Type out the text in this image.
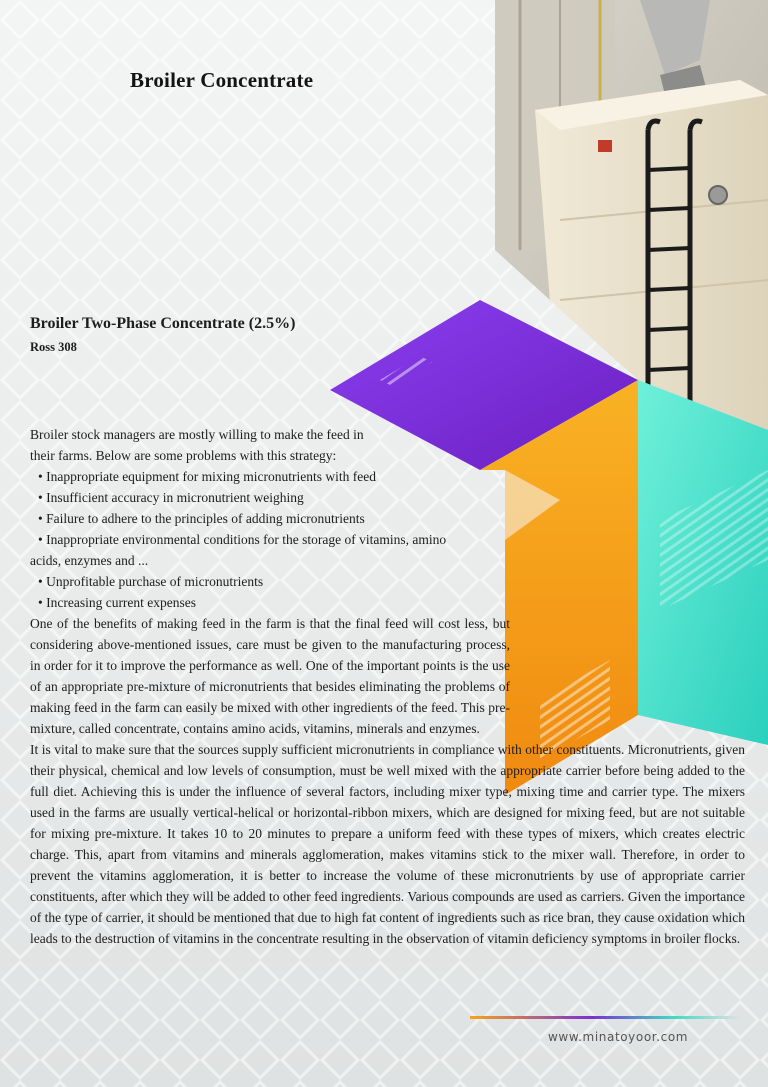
Broiler Concentrate
Broiler Two-Phase Concentrate (2.5%)
Ross 308

Broiler stock managers are mostly willing to make the feed in

their farms. Below are some problems with this strategy:

• Inappropriate equipment for mixing micronutrients with feed

• Insufficient accuracy in micronutrient weighing

• Failure to adhere to the principles of adding micronutrients

• Inappropriate environmental conditions for the storage of vitamins, amino

acids, enzymes and ...

• Unprofitable purchase of micronutrients

• Increasing current expenses

One of the benefits of making feed in the farm is that the final feed will cost less, but considering above-mentioned issues, care must be given to the manufacturing process, in order for it to improve the performance as well. One of the important points is the use of an appropriate pre-mixture of micronutrients that besides eliminating the problems of making feed in the farm can easily be mixed with other ingredients of the feed. This pre-mixture, called concentrate, contains amino acids, vitamins, minerals and enzymes.

It is vital to make sure that the sources supply sufficient micronutrients in compliance with other constituents. Micronutrients, given their physical, chemical and low levels of consumption, must be well mixed with the appropriate carrier before being added to the full diet. Achieving this is under the influence of several factors, including mixer type, mixing time and carrier type. The mixers used in the farms are usually vertical-helical or horizontal-ribbon mixers, which are designed for mixing feed, but are not suitable for mixing pre-mixture. It takes 10 to 20 minutes to prepare a uniform feed with these types of mixers, which creates electric charge. This, apart from vitamins and minerals agglomeration, makes vitamins stick to the mixer wall. Therefore, in order to prevent the vitamins agglomeration, it is better to increase the volume of these micronutrients by use of appropriate carrier constituents, after which they will be added to other feed ingredients. Various compounds are used as carriers. Given the importance of the type of carrier, it should be mentioned that due to high fat content of ingredients such as rice bran, they cause oxidation which leads to the destruction of vitamins in the concentrate resulting in the observation of vitamin deficiency symptoms in broiler flocks.

www.minatoyoor.com
